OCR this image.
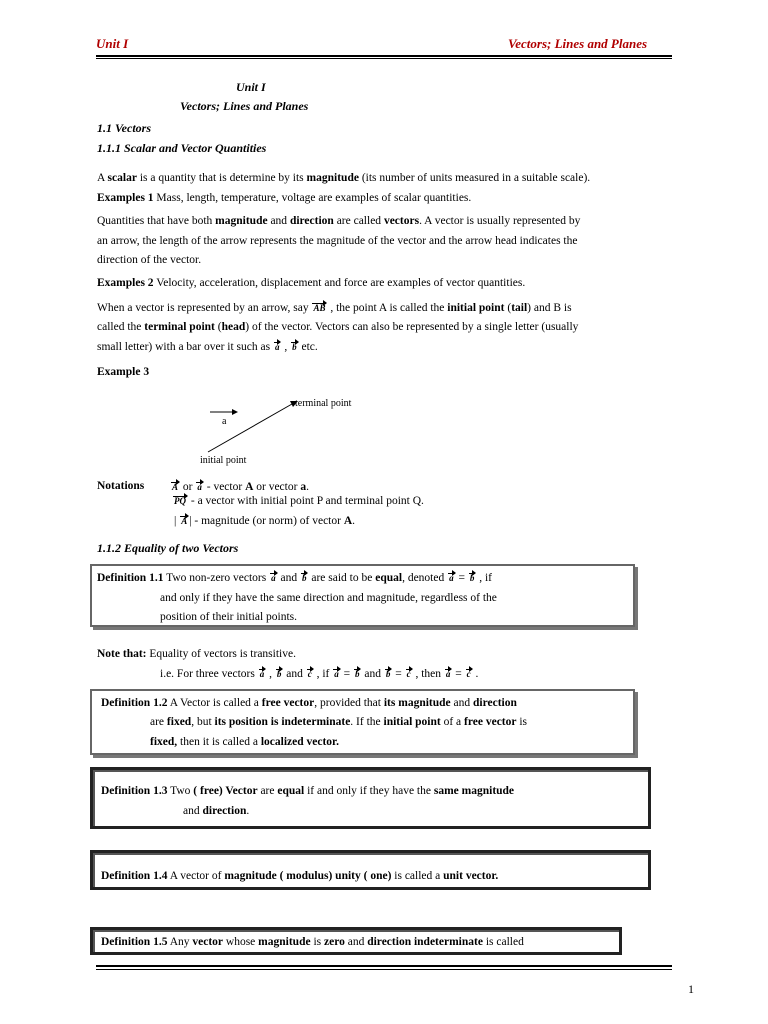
Unit I	Vectors; Lines and Planes
Unit I
Vectors; Lines and Planes
1.1 Vectors
1.1.1 Scalar and Vector Quantities
A scalar is a quantity that is determine by its magnitude (its number of units measured in a suitable scale).
Examples 1 Mass, length, temperature, voltage are examples of scalar quantities.
Quantities that have both magnitude and direction are called vectors. A vector is usually represented by
an arrow, the length of the arrow represents the magnitude of the vector and the arrow head indicates the
direction of the vector.
Examples 2 Velocity, acceleration, displacement and force are examples of vector quantities.
When a vector is represented by an arrow, say AB , the point A is called the initial point (tail) and B is
called the terminal point (head) of the vector. Vectors can also be represented by a single letter (usually
small letter) with a bar over it such as a , b etc.
Example 3
terminal point
a
initial point
Notations	A or a - vector A or vector a.
PQ - a vector with initial point P and terminal point Q.
| A | - magnitude (or norm) of vector A.
1.1.2 Equality of two Vectors
Definition 1.1 Two non-zero vectors a and b are said to be equal, denoted a = b , if
and only if they have the same direction and magnitude, regardless of the
position of their initial points.
Note that: Equality of vectors is transitive.
i.e. For three vectors a , b and c , if a = b and b = c , then a = c .
Definition 1.2 A Vector is called a free vector, provided that its magnitude and direction
are fixed, but its position is indeterminate. If the initial point of a free vector is
fixed, then it is called a localized vector.
Definition 1.3 Two ( free) Vector are equal if and only if they have the same magnitude
and direction.
Definition 1.4 A vector of magnitude ( modulus) unity ( one) is called a unit vector.
Definition 1.5 Any vector whose magnitude is zero and direction indeterminate is called
1
